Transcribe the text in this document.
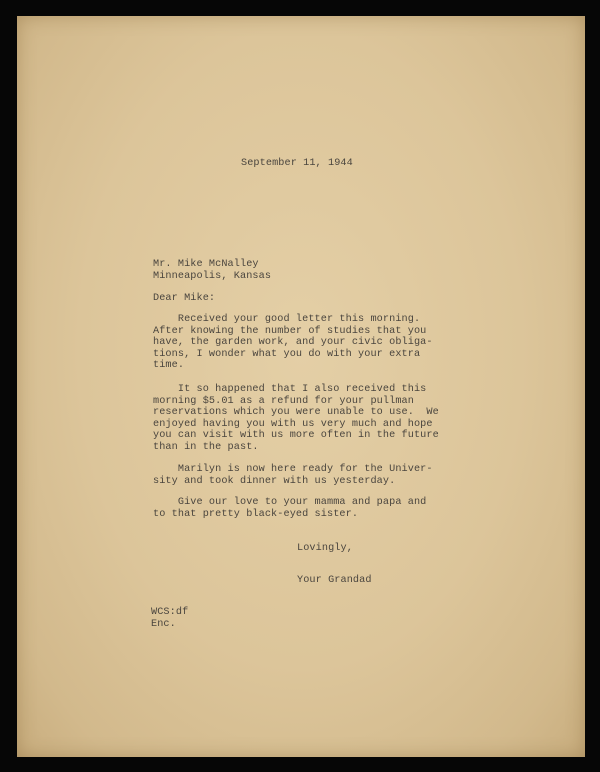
September 11, 1944

Mr. Mike McNalley
Minneapolis, Kansas

Dear Mike:

Received your good letter this morning.
After knowing the number of studies that you
have, the garden work, and your civic obliga-
tions, I wonder what you do with your extra
time.
It so happened that I also received this
morning $5.01 as a refund for your pullman
reservations which you were unable to use.  We
enjoyed having you with us very much and hope
you can visit with us more often in the future
than in the past.
Marilyn is now here ready for the Univer-
sity and took dinner with us yesterday.
Give our love to your mamma and papa and
to that pretty black-eyed sister.

Lovingly,

Your Grandad

WCS:df
Enc.
